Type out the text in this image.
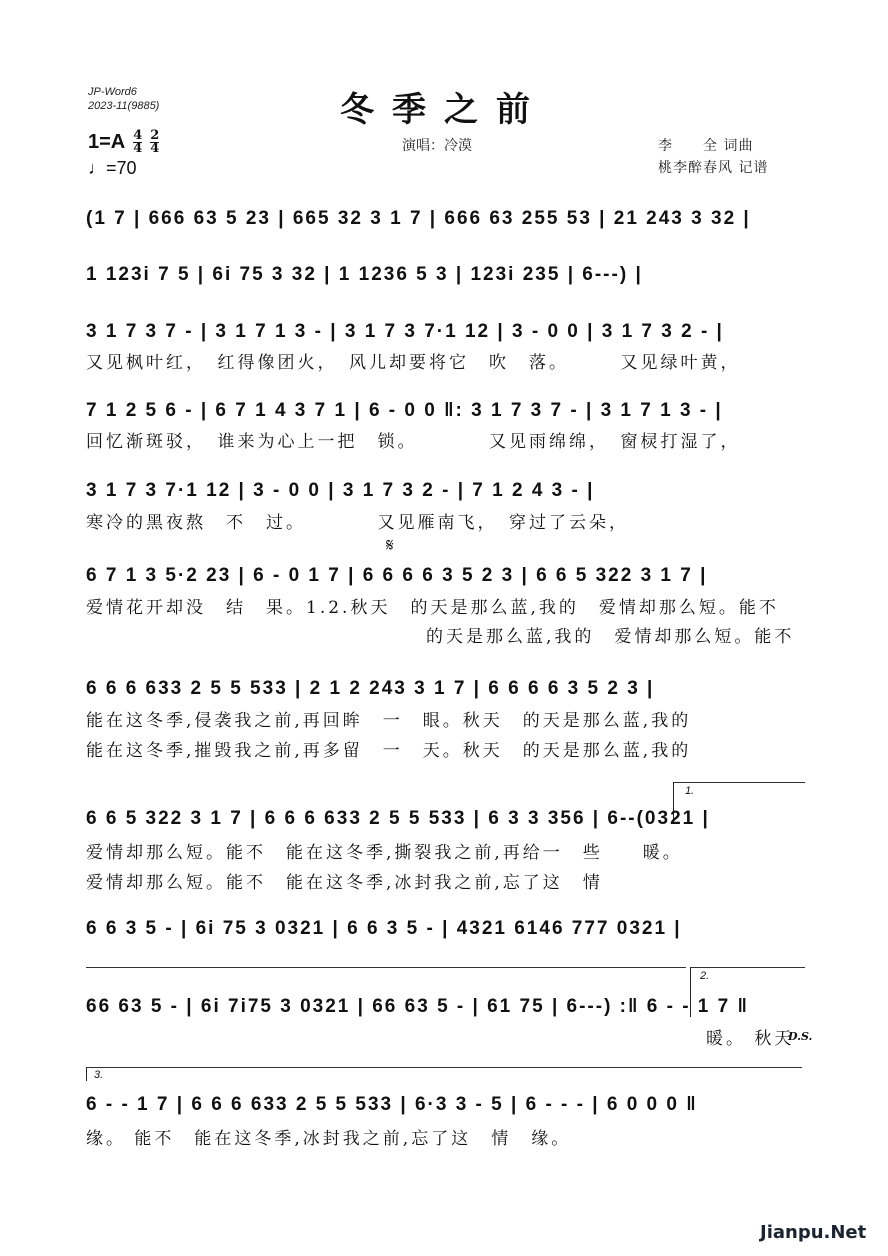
JP-Word6
2023-11(9885)	冬季之前
$1=A \frac{4}{4} \frac{2}{4}$
♩=70
演唱：冷漠	李　　全 词曲
桃李醉春风 记谱
(1 7 | 666 63 5 23 | 665 32 3 1 7 | 666 63 255 53 | 21 243 3 32 |
1 123i 7 5 | 6i 75 3 32 | 1 1236 5 3 | 123i 235 | 6---) |
3 1 7 3 7 - | 3 1 7 1 3 - | 3 1 7 3 7·1 12 | 3 - 0 0 | 3 1 7 3 2 - |
又见枫叶红，　红得像团火，　风儿却要将它　吹　落。　　　又见绿叶黄，
7 1 2 5 6 - | 6 7 1 4 3 7 1 | 6 - 0 0 ‖: 3 1 7 3 7 - | 3 1 7 1 3 - |
回忆渐斑驳，　谁来为心上一把　锁。　　　　又见雨绵绵，　窗棂打湿了，
3 1 7 3 7·1 12 | 3 - 0 0 | 3 1 7 3 2 - | 7 1 2 4 3 - |
寒冷的黑夜熬　不　过。　　　　又见雁南飞，　穿过了云朵，
𝄋
6 7 1 3 5·2 23 | 6 - 0 1 7 | 6 6 6 6 3 5 2 3 | 6 6 5 322 3 1 7 |
爱情花开却没　结　果。1.2.秋天　的天是那么蓝,我的　爱情却那么短。能不
　　　　　　　　　　　　　　　　　的天是那么蓝,我的　爱情却那么短。能不
6 6 6 633 2 5 5 533 | 2 1 2 243 3 1 7 | 6 6 6 6 3 5 2 3 |
能在这冬季,侵袭我之前,再回眸　一　眼。秋天　的天是那么蓝,我的
能在这冬季,摧毁我之前,再多留　一　天。秋天　的天是那么蓝,我的
1.
6 6 5 322 3 1 7 | 6 6 6 633 2 5 5 533 | 6 3 3 356 | 6--(0321 |
爱情却那么短。能不　能在这冬季,撕裂我之前,再给一　些　　暖。
爱情却那么短。能不　能在这冬季,冰封我之前,忘了这　情
6 6 3 5 - | 6i 75 3 0321 | 6 6 3 5 - | 4321 6146 777 0321 |
2.
66 63 5 - | 6i 7i75 3 0321 | 66 63 5 - | 61 75 | 6---) :‖ 6 - - 1 7 ‖
　　　　　　　　　　　　　　　　　　　　　　　　　　　　　　　暖。 秋天
D.S.
3.
6 - - 1 7 | 6 6 6 633 2 5 5 533 | 6·3 3 - 5 | 6 - - - | 6 0 0 0 ‖
缘。 能不　能在这冬季,冰封我之前,忘了这　情　缘。
Jianpu.Net
